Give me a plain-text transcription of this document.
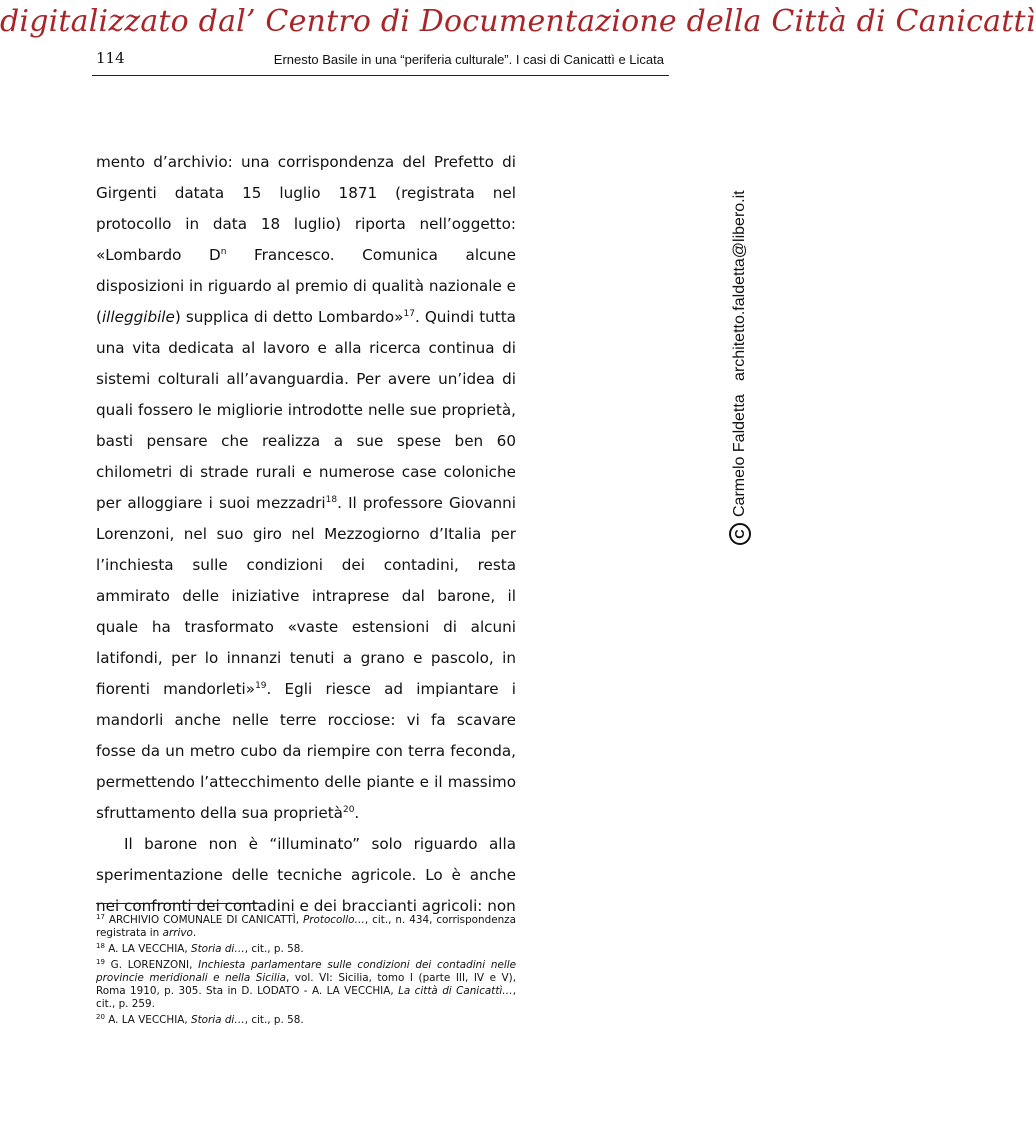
digitalizzato dal’ Centro di Documentazione della Città di Canicattì
114	Ernesto Basile in una “periferia culturale”. I casi di Canicattì e Licata

mento d’archivio: una corrispondenza del Prefetto di Girgenti datata 15 luglio 1871 (registrata nel protocollo in data 18 luglio) riporta nell’oggetto: «Lombardo $D^n$ Francesco. Comunica alcune disposizioni in riguardo al premio di qualità nazionale e (illeggibile) supplica di detto Lombardo»$^{17}$. Quindi tutta una vita dedicata al lavoro e alla ricerca continua di sistemi colturali all’avanguardia. Per avere un’idea di quali fossero le migliorie introdotte nelle sue proprietà, basti pensare che realizza a sue spese ben 60 chilometri di strade rurali e numerose case coloniche per alloggiare i suoi mezzadri$^{18}$. Il professore Giovanni Lorenzoni, nel suo giro nel Mezzogiorno d’Italia per l’inchiesta sulle condizioni dei contadini, resta ammirato delle iniziative intraprese dal barone, il quale ha trasformato «vaste estensioni di alcuni latifondi, per lo innanzi tenuti a grano e pascolo, in fiorenti mandorleti»$^{19}$. Egli riesce ad impiantare i mandorli anche nelle terre rocciose: vi fa scavare fosse da un metro cubo da riempire con terra feconda, permettendo l’attecchimento delle piante e il massimo sfruttamento della sua proprietà$^{20}$.

Il barone non è “illuminato” solo riguardo alla sperimentazione delle tecniche agricole. Lo è anche nei confronti dei contadini e dei braccianti agricoli: non

$^{17}$ ARCHIVIO COMUNALE DI CANICATTÌ, Protocollo…, cit., n. 434, corrispondenza registrata in arrivo.

$^{18}$ A. LA VECCHIA, Storia di…, cit., p. 58.

$^{19}$ G. LORENZONI, Inchiesta parlamentare sulle condizioni dei contadini nelle provincie meridionali e nella Sicilia, vol. VI: Sicilia, tomo I (parte III, IV e V), Roma 1910, p. 305. Sta in D. LODATO - A. LA VECCHIA, La città di Canicattì…, cit., p. 259.

$^{20}$ A. LA VECCHIA, Storia di…, cit., p. 58.

CCarmelo Faldetta   architetto.faldetta@libero.it
